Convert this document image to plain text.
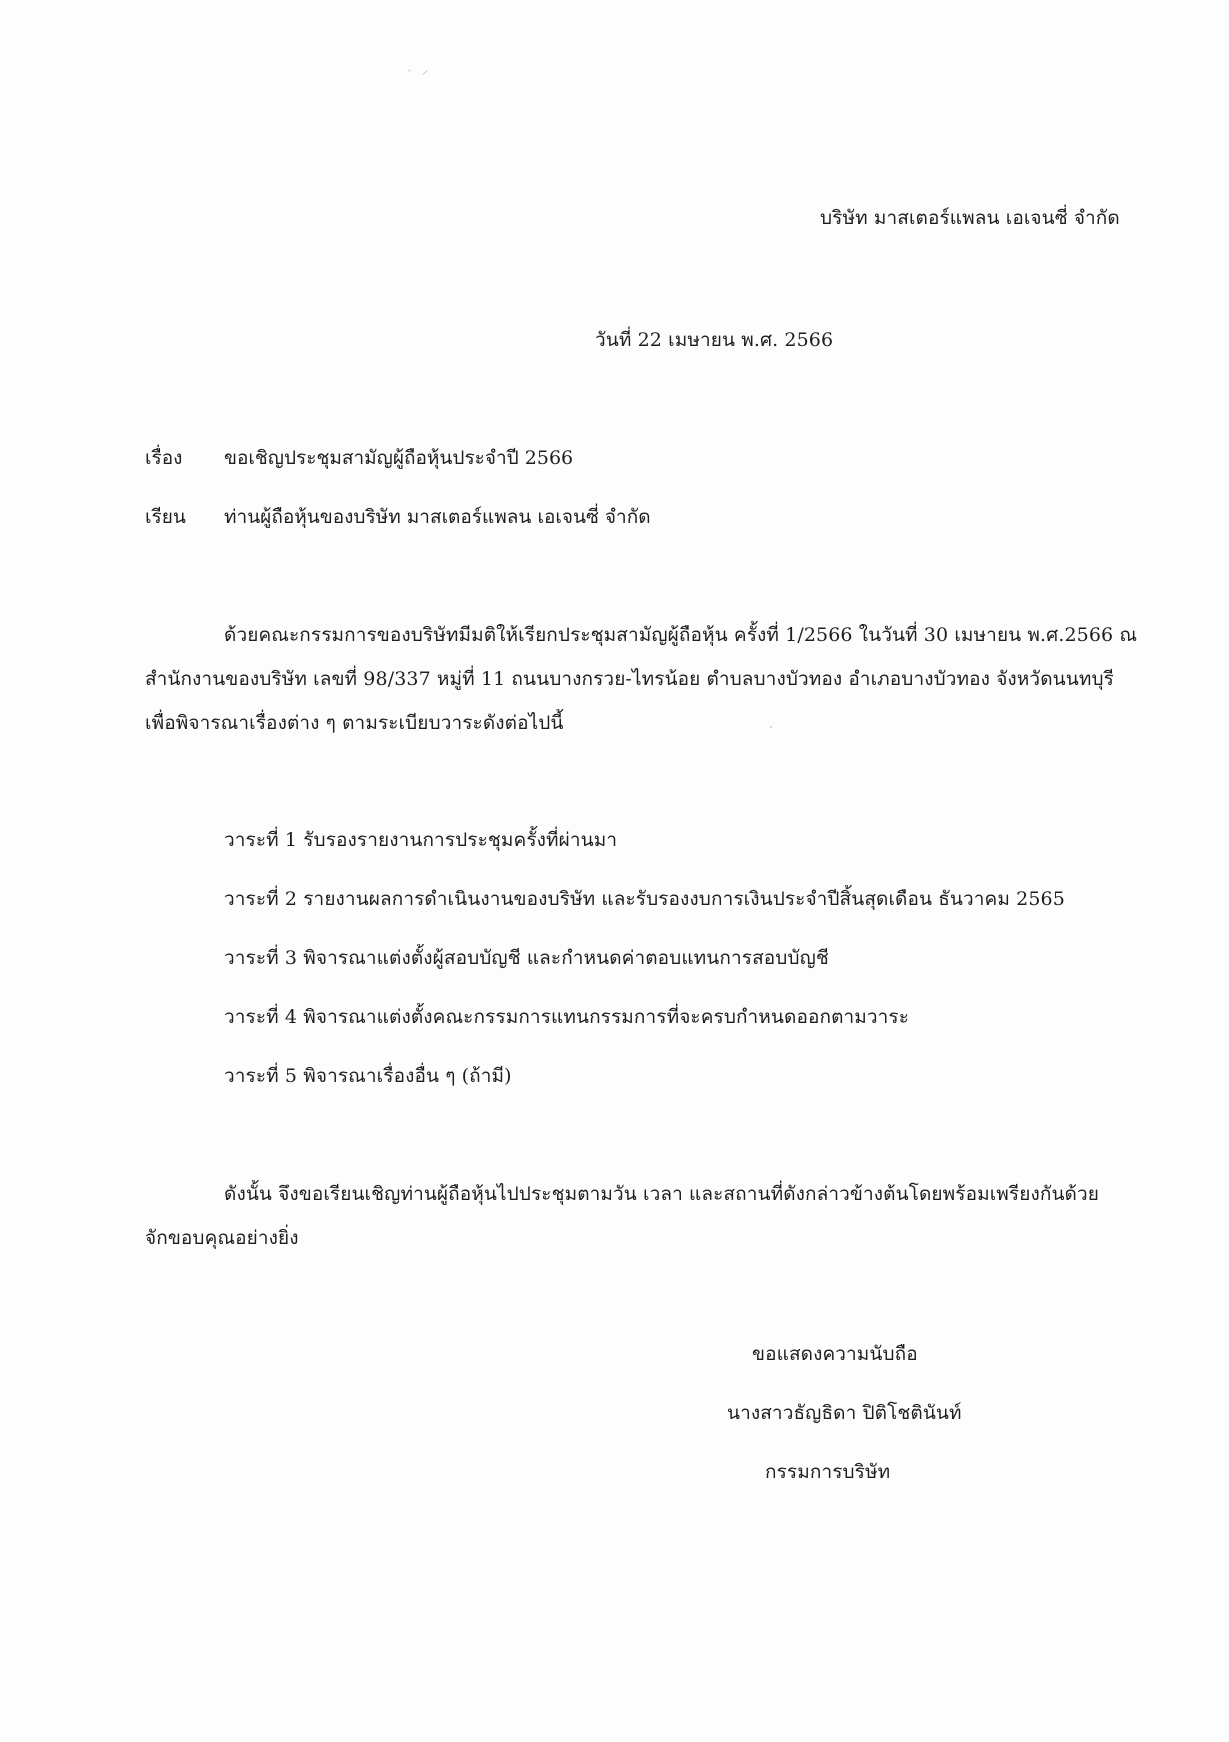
บริษัท มาสเตอร์แพลน เอเจนซี่ จำกัด
วันที่ 22 เมษายน พ.ศ. 2566
เรื่อง ขอเชิญประชุมสามัญผู้ถือหุ้นประจำปี 2566
เรียน ท่านผู้ถือหุ้นของบริษัท มาสเตอร์แพลน เอเจนซี่ จำกัด
ด้วยคณะกรรมการของบริษัทมีมติให้เรียกประชุมสามัญผู้ถือหุ้น ครั้งที่ 1/2566 ในวันที่ 30 เมษายน พ.ศ.2566 ณ
สำนักงานของบริษัท เลขที่ 98/337 หมู่ที่ 11 ถนนบางกรวย-ไทรน้อย ตำบลบางบัวทอง อำเภอบางบัวทอง จังหวัดนนทบุรี
เพื่อพิจารณาเรื่องต่าง ๆ ตามระเบียบวาระดังต่อไปนี้
วาระที่ 1 รับรองรายงานการประชุมครั้งที่ผ่านมา
วาระที่ 2 รายงานผลการดำเนินงานของบริษัท และรับรองงบการเงินประจำปีสิ้นสุดเดือน ธันวาคม 2565
วาระที่ 3 พิจารณาแต่งตั้งผู้สอบบัญชี และกำหนดค่าตอบแทนการสอบบัญชี
วาระที่ 4 พิจารณาแต่งตั้งคณะกรรมการแทนกรรมการที่จะครบกำหนดออกตามวาระ
วาระที่ 5 พิจารณาเรื่องอื่น ๆ (ถ้ามี)
ดังนั้น จึงขอเรียนเชิญท่านผู้ถือหุ้นไปประชุมตามวัน เวลา และสถานที่ดังกล่าวข้างต้นโดยพร้อมเพรียงกันด้วย
จักขอบคุณอย่างยิ่ง
ขอแสดงความนับถือ
นางสาวธัญธิดา ปิติโชตินันท์
กรรมการบริษัท
